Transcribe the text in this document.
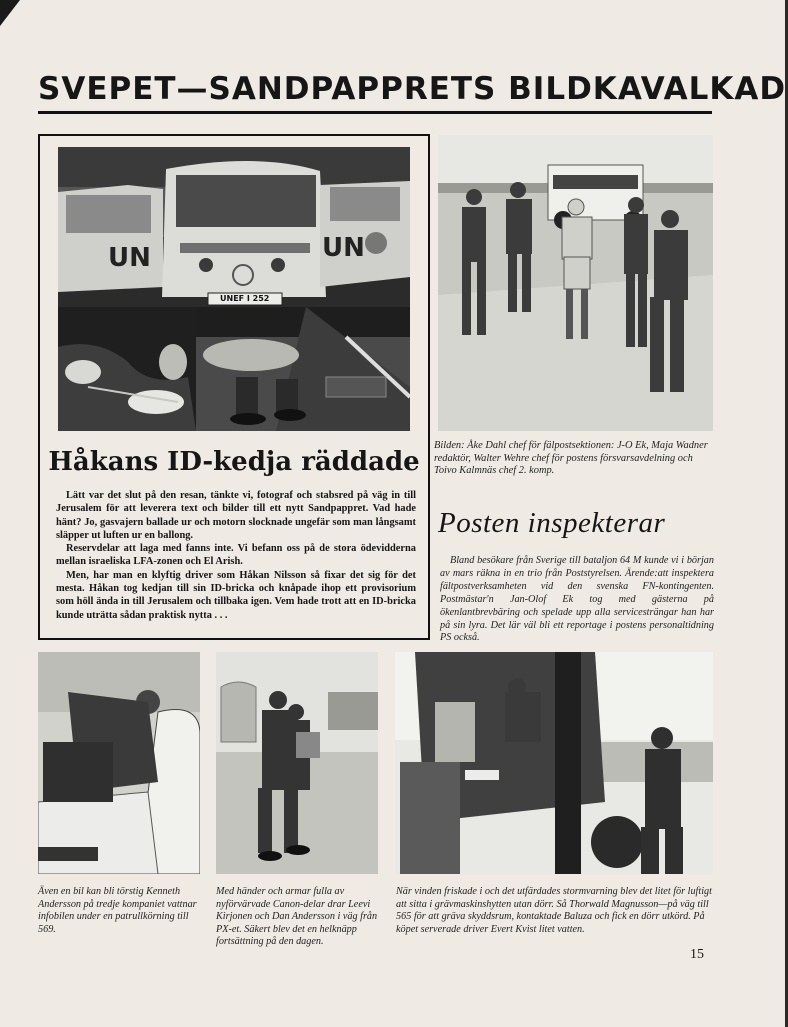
SVEPET—SANDPAPPRETS BILDKAVALKAD
UN	UN
UNEF I 252
Håkans ID-kedja räddade

Lätt var det slut på den resan, tänkte vi, fotograf och stabsred på väg in till Jerusalem för att leverera text och bilder till ett nytt Sandpappret. Vad hade hänt? Jo, gasvajern ballade ur och motorn slocknade ungefär som man långsamt släpper ut luften ur en ballong.

Reservdelar att laga med fanns inte. Vi befann oss på de stora ödevidderna mellan israeliska LFA-zonen och El Arish.

Men, har man en klyftig driver som Håkan Nilsson så fixar det sig för det mesta. Håkan tog kedjan till sin ID-bricka och knåpade ihop ett provisorium som höll ända in till Jerusalem och tillbaka igen. Vem hade trott att en ID-bricka kunde uträtta sådan praktisk nytta . . .

Bilden: Åke Dahl chef för fälpostsektionen: J-O Ek, Maja Wadner redaktör, Walter Wehre chef för postens försvarsavdelning och Toivo Kalmnäs chef 2. komp.
Posten inspekterar

Bland besökare från Sverige till bataljon 64 M kunde vi i början av mars räkna in en trio från Poststyrelsen. Ärende:att inspektera fältpostverksamheten vid den svenska FN-kontingenten. Postmästar'n Jan-Olof Ek tog med gästerna på ökenlantbrevbäring och spelade upp alla servicesträngar han har på sin lyra. Det lär väl bli ett reportage i postens personaltidning PS också.

Även en bil kan bli törstig Kenneth Andersson på tredje kompaniet vattnar infobilen under en patrullkörning till 569.
Med händer och armar fulla av nyförvärvade Canon-delar drar Leevi Kirjonen och Dan Andersson i väg från PX-et. Säkert blev det en helknäpp fortsättning på den dagen.
När vinden friskade i och det utfärdades stormvarning blev det litet för luftigt att sitta i grävmaskinshytten utan dörr. Så Thorwald Magnusson—på väg till 565 för att gräva skyddsrum, kontaktade Baluza och fick en dörr utkörd. På köpet serverade driver Evert Kvist litet vatten.
15
